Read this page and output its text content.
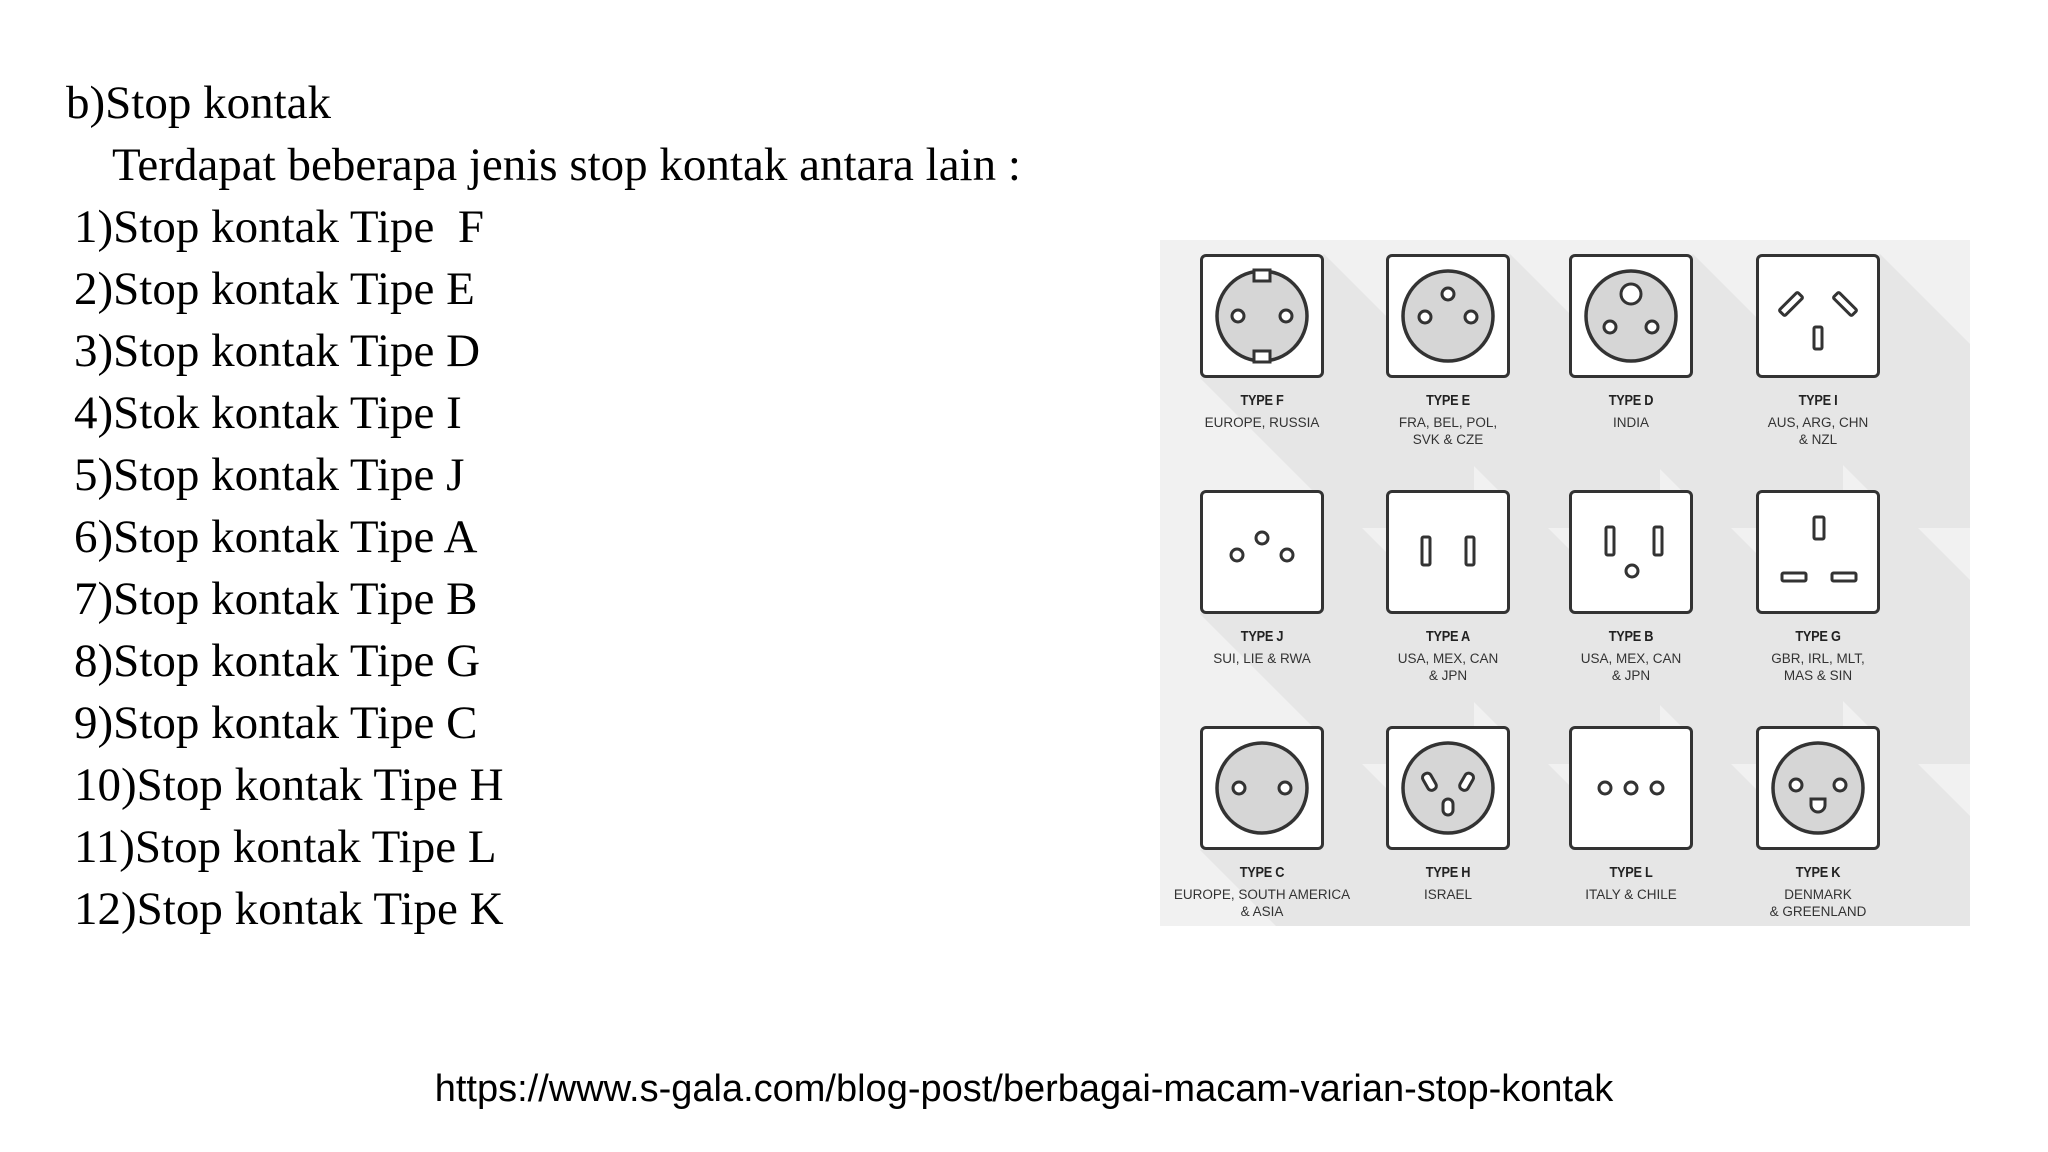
b)Stop kontak
Terdapat beberapa jenis stop kontak antara lain :
1)Stop kontak Tipe  F
2)Stop kontak Tipe E
3)Stop kontak Tipe D
4)Stok kontak Tipe I
5)Stop kontak Tipe J
6)Stop kontak Tipe A
7)Stop kontak Tipe B
8)Stop kontak Tipe G
9)Stop kontak Tipe C
10)Stop kontak Tipe H
11)Stop kontak Tipe L
12)Stop kontak Tipe K
TYPE F
EUROPE, RUSSIA
TYPE E
FRA, BEL, POL,
SVK & CZE
TYPE D
INDIA
TYPE I
AUS, ARG, CHN
& NZL
TYPE J
SUI, LIE & RWA
TYPE A
USA, MEX, CAN
& JPN
TYPE B
USA, MEX, CAN
& JPN
TYPE G
GBR, IRL, MLT,
MAS & SIN
TYPE C
EUROPE, SOUTH AMERICA
& ASIA
TYPE H
ISRAEL
TYPE L
ITALY & CHILE
TYPE K
DENMARK
& GREENLAND
https://www.s-gala.com/blog-post/berbagai-macam-varian-stop-kontak
